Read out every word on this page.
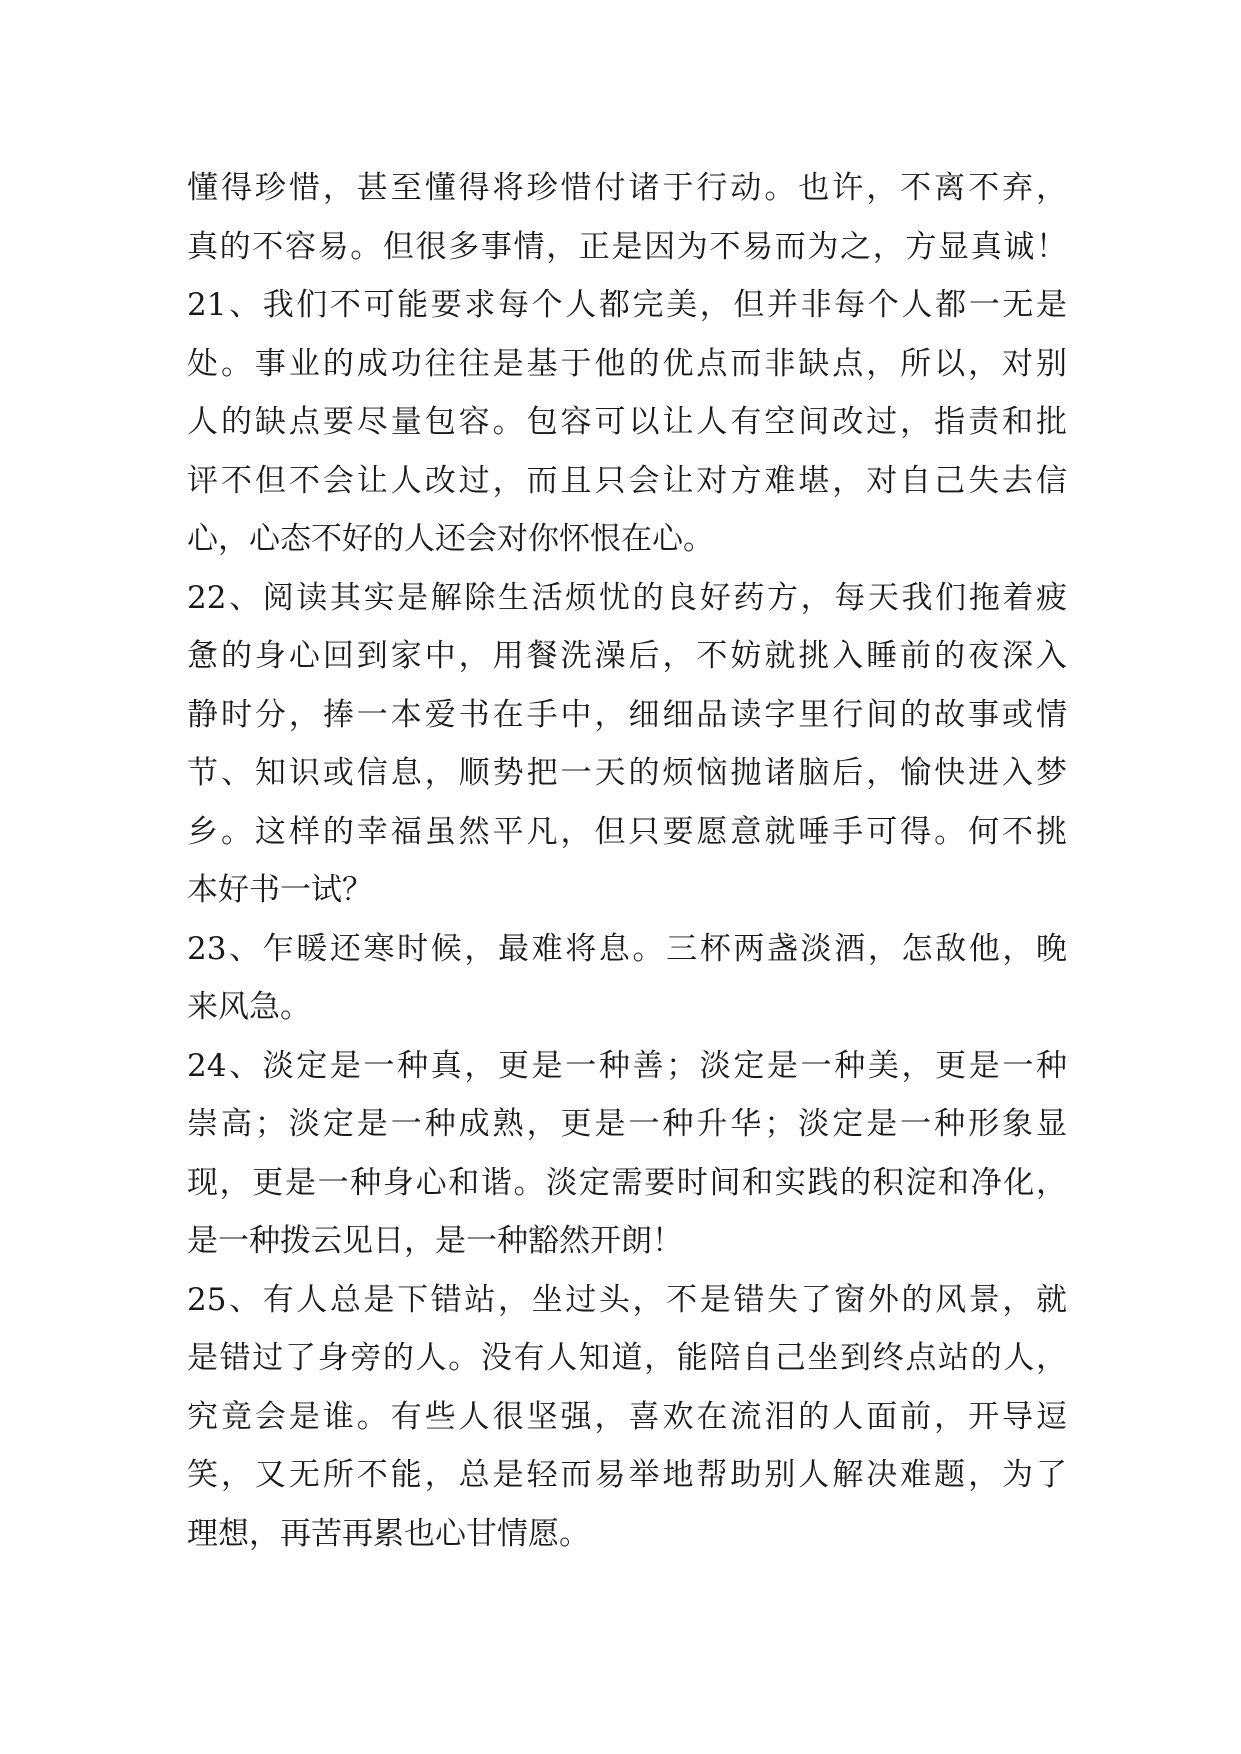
懂得珍惜，甚至懂得将珍惜付诸于行动。也许，不离不弃，
真的不容易。但很多事情，正是因为不易而为之，方显真诚！
21、我们不可能要求每个人都完美，但并非每个人都一无是
处。事业的成功往往是基于他的优点而非缺点，所以，对别
人的缺点要尽量包容。包容可以让人有空间改过，指责和批
评不但不会让人改过，而且只会让对方难堪，对自己失去信
心，心态不好的人还会对你怀恨在心。
22、阅读其实是解除生活烦忧的良好药方，每天我们拖着疲
惫的身心回到家中，用餐洗澡后，不妨就挑入睡前的夜深入
静时分，捧一本爱书在手中，细细品读字里行间的故事或情
节、知识或信息，顺势把一天的烦恼抛诸脑后，愉快进入梦
乡。这样的幸福虽然平凡，但只要愿意就唾手可得。何不挑
本好书一试？
23、乍暖还寒时候，最难将息。三杯两盏淡酒，怎敌他，晚
来风急。
24、淡定是一种真，更是一种善；淡定是一种美，更是一种
崇高；淡定是一种成熟，更是一种升华；淡定是一种形象显
现，更是一种身心和谐。淡定需要时间和实践的积淀和净化，
是一种拨云见日，是一种豁然开朗！
25、有人总是下错站，坐过头，不是错失了窗外的风景，就
是错过了身旁的人。没有人知道，能陪自己坐到终点站的人，
究竟会是谁。有些人很坚强，喜欢在流泪的人面前，开导逗
笑，又无所不能，总是轻而易举地帮助别人解决难题，为了
理想，再苦再累也心甘情愿。
